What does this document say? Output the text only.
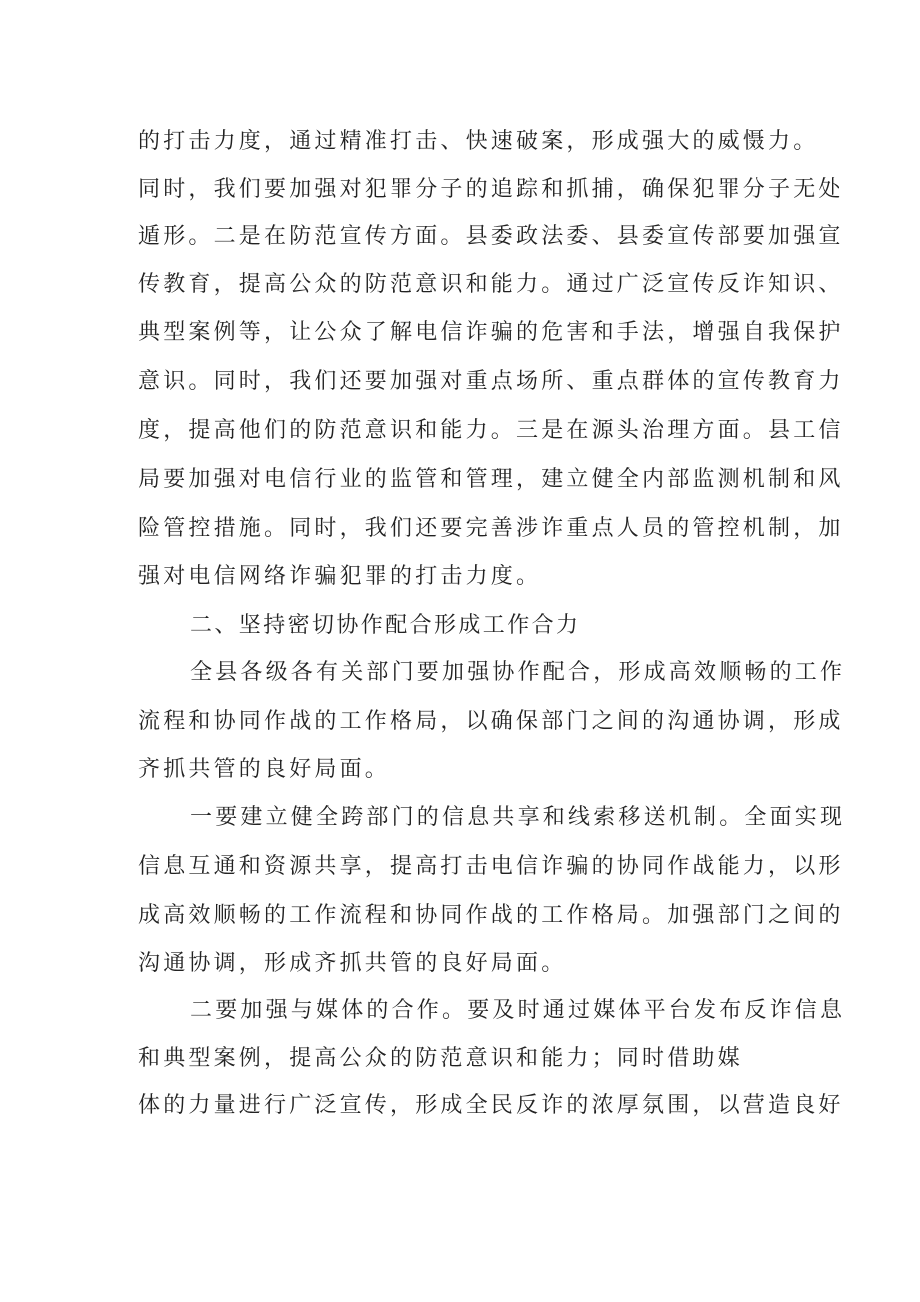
的打击力度，通过精准打击、快速破案，形成强大的威慑力。
同时，我们要加强对犯罪分子的追踪和抓捕，确保犯罪分子无处
遁形。二是在防范宣传方面。县委政法委、县委宣传部要加强宣
传教育，提高公众的防范意识和能力。通过广泛宣传反诈知识、
典型案例等，让公众了解电信诈骗的危害和手法，增强自我保护
意识。同时，我们还要加强对重点场所、重点群体的宣传教育力
度，提高他们的防范意识和能力。三是在源头治理方面。县工信
局要加强对电信行业的监管和管理，建立健全内部监测机制和风
险管控措施。同时，我们还要完善涉诈重点人员的管控机制，加
强对电信网络诈骗犯罪的打击力度。
二、坚持密切协作配合形成工作合力
全县各级各有关部门要加强协作配合，形成高效顺畅的工作
流程和协同作战的工作格局，以确保部门之间的沟通协调，形成
齐抓共管的良好局面。
一要建立健全跨部门的信息共享和线索移送机制。全面实现
信息互通和资源共享，提高打击电信诈骗的协同作战能力，以形
成高效顺畅的工作流程和协同作战的工作格局。加强部门之间的
沟通协调，形成齐抓共管的良好局面。
二要加强与媒体的合作。要及时通过媒体平台发布反诈信息
和典型案例，提高公众的防范意识和能力；同时借助媒
体的力量进行广泛宣传，形成全民反诈的浓厚氛围，以营造良好
